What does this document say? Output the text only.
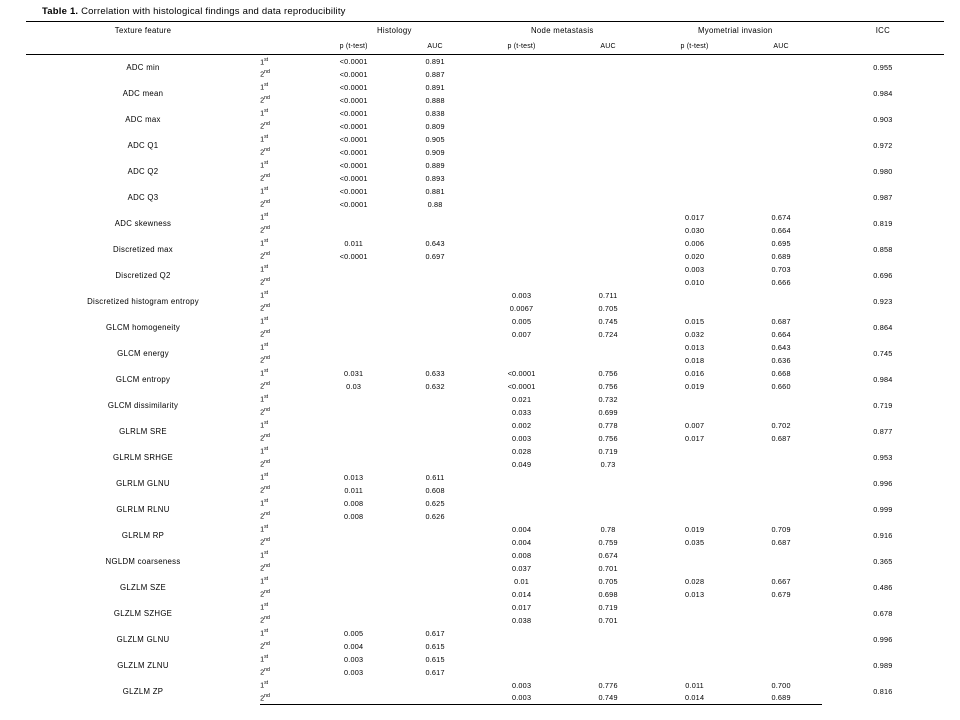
Table 1. Correlation with histological findings and data reproducibility
Texture feature		Histology		Node metastasis		Myometrial invasion		ICC
		p (t-test)	AUC	p (t-test)	AUC	p (t-test)	AUC	
ADC min	1st	<0.0001	0.891					0.955
	2nd	<0.0001	0.887					
ADC mean	1st	<0.0001	0.891					0.984
	2nd	<0.0001	0.888					
ADC max	1st	<0.0001	0.838					0.903
	2nd	<0.0001	0.809					
ADC Q1	1st	<0.0001	0.905					0.972
	2nd	<0.0001	0.909					
ADC Q2	1st	<0.0001	0.889					0.980
	2nd	<0.0001	0.893					
ADC Q3	1st	<0.0001	0.881					0.987
	2nd	<0.0001	0.88					
ADC skewness	1st					0.017	0.674	0.819
	2nd					0.030	0.664	
Discretized max	1st	0.011	0.643			0.006	0.695	0.858
	2nd	<0.0001	0.697			0.020	0.689	
Discretized Q2	1st					0.003	0.703	0.696
	2nd					0.010	0.666	
Discretized histogram entropy	1st			0.003	0.711			0.923
	2nd			0.0067	0.705			
GLCM homogeneity	1st			0.005	0.745	0.015	0.687	0.864
	2nd			0.007	0.724	0.032	0.664	
GLCM energy	1st					0.013	0.643	0.745
	2nd					0.018	0.636	
GLCM entropy	1st	0.031	0.633	<0.0001	0.756	0.016	0.668	0.984
	2nd	0.03	0.632	<0.0001	0.756	0.019	0.660	
GLCM dissimilarity	1st			0.021	0.732			0.719
	2nd			0.033	0.699			
GLRLM SRE	1st			0.002	0.778	0.007	0.702	0.877
	2nd			0.003	0.756	0.017	0.687	
GLRLM SRHGE	1st			0.028	0.719			0.953
	2nd			0.049	0.73			
GLRLM GLNU	1st	0.013	0.611					0.996
	2nd	0.011	0.608					
GLRLM RLNU	1st	0.008	0.625					0.999
	2nd	0.008	0.626					
GLRLM RP	1st			0.004	0.78	0.019	0.709	0.916
	2nd			0.004	0.759	0.035	0.687	
NGLDM coarseness	1st			0.008	0.674			0.365
	2nd			0.037	0.701			
GLZLM SZE	1st			0.01	0.705	0.028	0.667	0.486
	2nd			0.014	0.698	0.013	0.679	
GLZLM SZHGE	1st			0.017	0.719			0.678
	2nd			0.038	0.701			
GLZLM GLNU	1st	0.005	0.617					0.996
	2nd	0.004	0.615					
GLZLM ZLNU	1st	0.003	0.615					0.989
	2nd	0.003	0.617					
GLZLM ZP	1st			0.003	0.776	0.011	0.700	0.816
	2nd			0.003	0.749	0.014	0.689	
